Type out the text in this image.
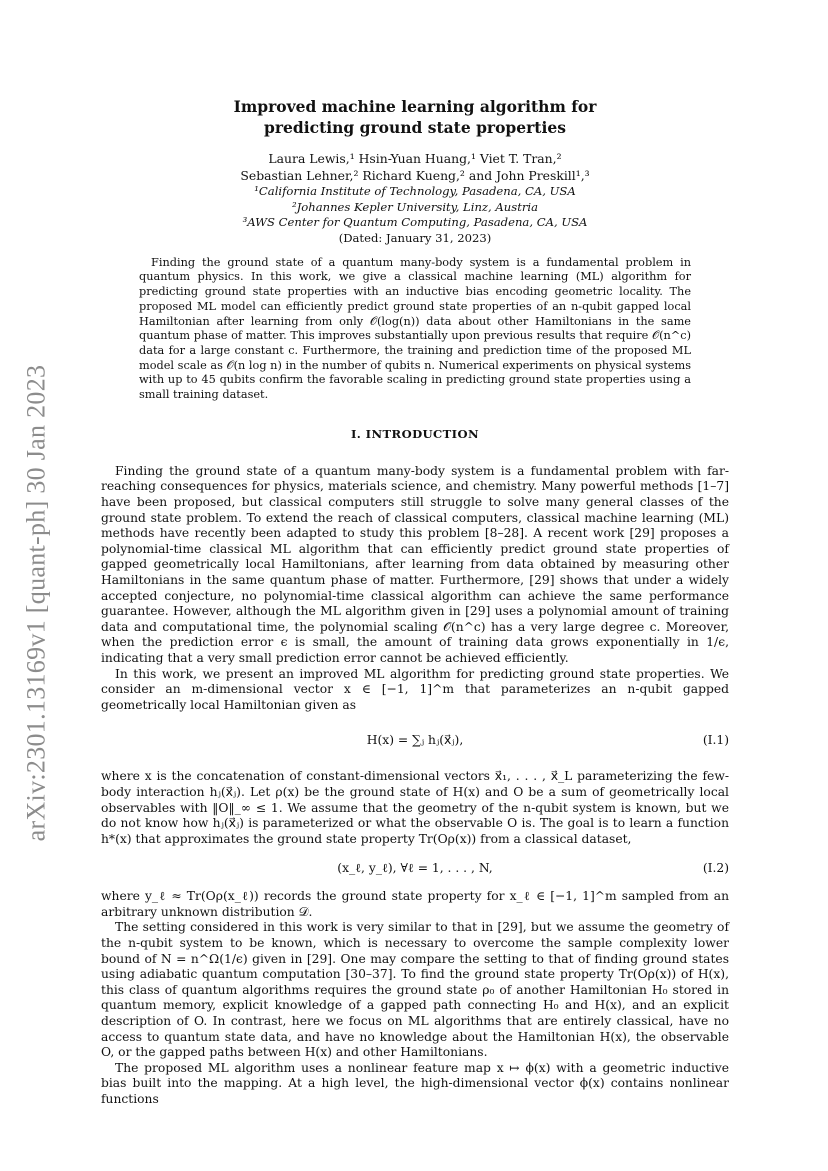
arXiv:2301.13169v1 [quant-ph] 30 Jan 2023
Improved machine learning algorithm for
predicting ground state properties
Laura Lewis,¹ Hsin-Yuan Huang,¹ Viet T. Tran,²
Sebastian Lehner,² Richard Kueng,² and John Preskill¹,³
¹California Institute of Technology, Pasadena, CA, USA
²Johannes Kepler University, Linz, Austria
³AWS Center for Quantum Computing, Pasadena, CA, USA
(Dated: January 31, 2023)
Finding the ground state of a quantum many-body system is a fundamental problem in quantum physics. In this work, we give a classical machine learning (ML) algorithm for predicting ground state properties with an inductive bias encoding geometric locality. The proposed ML model can efficiently predict ground state properties of an n-qubit gapped local Hamiltonian after learning from only 𝒪(log(n)) data about other Hamiltonians in the same quantum phase of matter. This improves substantially upon previous results that require 𝒪(n^c) data for a large constant c. Furthermore, the training and prediction time of the proposed ML model scale as 𝒪(n log n) in the number of qubits n. Numerical experiments on physical systems with up to 45 qubits confirm the favorable scaling in predicting ground state properties using a small training dataset.
I. INTRODUCTION

Finding the ground state of a quantum many-body system is a fundamental problem with far-reaching consequences for physics, materials science, and chemistry. Many powerful methods [1–7] have been proposed, but classical computers still struggle to solve many general classes of the ground state problem. To extend the reach of classical computers, classical machine learning (ML) methods have recently been adapted to study this problem [8–28]. A recent work [29] proposes a polynomial-time classical ML algorithm that can efficiently predict ground state properties of gapped geometrically local Hamiltonians, after learning from data obtained by measuring other Hamiltonians in the same quantum phase of matter. Furthermore, [29] shows that under a widely accepted conjecture, no polynomial-time classical algorithm can achieve the same performance guarantee. However, although the ML algorithm given in [29] uses a polynomial amount of training data and computational time, the polynomial scaling 𝒪(n^c) has a very large degree c. Moreover, when the prediction error ϵ is small, the amount of training data grows exponentially in 1/ϵ, indicating that a very small prediction error cannot be achieved efficiently.

In this work, we present an improved ML algorithm for predicting ground state properties. We consider an m-dimensional vector x ∈ [−1, 1]^m that parameterizes an n-qubit gapped geometrically local Hamiltonian given as

H(x) = ∑ⱼ hⱼ(x⃗ⱼ),	(I.1)

where x is the concatenation of constant-dimensional vectors x⃗₁, . . . , x⃗_L parameterizing the few-body interaction hⱼ(x⃗ⱼ). Let ρ(x) be the ground state of H(x) and O be a sum of geometrically local observables with ‖O‖_∞ ≤ 1. We assume that the geometry of the n-qubit system is known, but we do not know how hⱼ(x⃗ⱼ) is parameterized or what the observable O is. The goal is to learn a function h*(x) that approximates the ground state property Tr(Oρ(x)) from a classical dataset,

(x_ℓ, y_ℓ), ∀ℓ = 1, . . . , N,	(I.2)

where y_ℓ ≈ Tr(Oρ(x_ℓ)) records the ground state property for x_ℓ ∈ [−1, 1]^m sampled from an arbitrary unknown distribution 𝒟.

The setting considered in this work is very similar to that in [29], but we assume the geometry of the n-qubit system to be known, which is necessary to overcome the sample complexity lower bound of N = n^Ω(1/ϵ) given in [29]. One may compare the setting to that of finding ground states using adiabatic quantum computation [30–37]. To find the ground state property Tr(Oρ(x)) of H(x), this class of quantum algorithms requires the ground state ρ₀ of another Hamiltonian H₀ stored in quantum memory, explicit knowledge of a gapped path connecting H₀ and H(x), and an explicit description of O. In contrast, here we focus on ML algorithms that are entirely classical, have no access to quantum state data, and have no knowledge about the Hamiltonian H(x), the observable O, or the gapped paths between H(x) and other Hamiltonians.

The proposed ML algorithm uses a nonlinear feature map x ↦ ϕ(x) with a geometric inductive bias built into the mapping. At a high level, the high-dimensional vector ϕ(x) contains nonlinear functions
